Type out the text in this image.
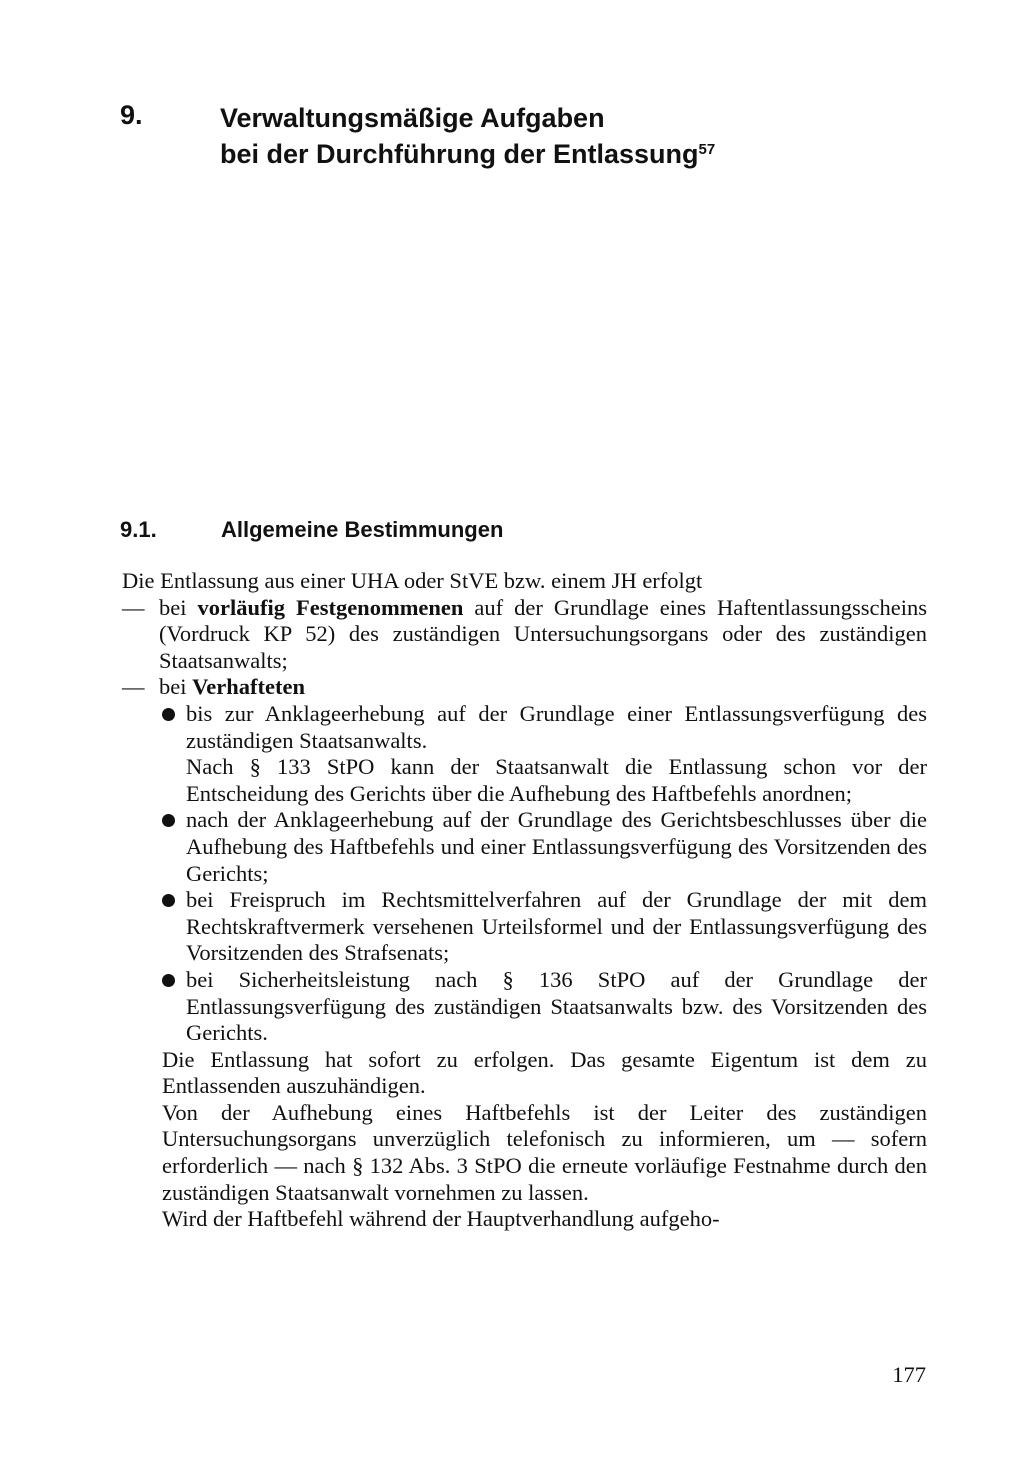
9.	Verwaltungsmäßige Aufgaben
bei der Durchführung der Entlassung$^{57}$
9.1.	Allgemeine Bestimmungen
Die Entlassung aus einer UHA oder StVE bzw. einem JH erfolgt
— bei vorläufig Festgenommenen auf der Grundlage eines Haftentlassungsscheins (Vordruck KP 52) des zuständigen Untersuchungsorgans oder des zuständigen Staatsanwalts;
— bei Verhafteten
bis zur Anklageerhebung auf der Grundlage einer Entlassungsverfügung des zuständigen Staatsanwalts.
Nach § 133 StPO kann der Staatsanwalt die Entlassung schon vor der Entscheidung des Gerichts über die Aufhebung des Haftbefehls anordnen;
nach der Anklageerhebung auf der Grundlage des Gerichtsbeschlusses über die Aufhebung des Haftbefehls und einer Entlassungsverfügung des Vorsitzenden des Gerichts;
bei Freispruch im Rechtsmittelverfahren auf der Grundlage der mit dem Rechtskraftvermerk versehenen Urteilsformel und der Entlassungsverfügung des Vorsitzenden des Strafsenats;
bei Sicherheitsleistung nach § 136 StPO auf der Grundlage der Entlassungsverfügung des zuständigen Staatsanwalts bzw. des Vorsitzenden des Gerichts.
Die Entlassung hat sofort zu erfolgen. Das gesamte Eigentum ist dem zu Entlassenden auszuhändigen.
Von der Aufhebung eines Haftbefehls ist der Leiter des zuständigen Untersuchungsorgans unverzüglich telefonisch zu informieren, um — sofern erforderlich — nach § 132 Abs. 3 StPO die erneute vorläufige Festnahme durch den zuständigen Staatsanwalt vornehmen zu lassen.
Wird der Haftbefehl während der Hauptverhandlung aufgeho-
177
